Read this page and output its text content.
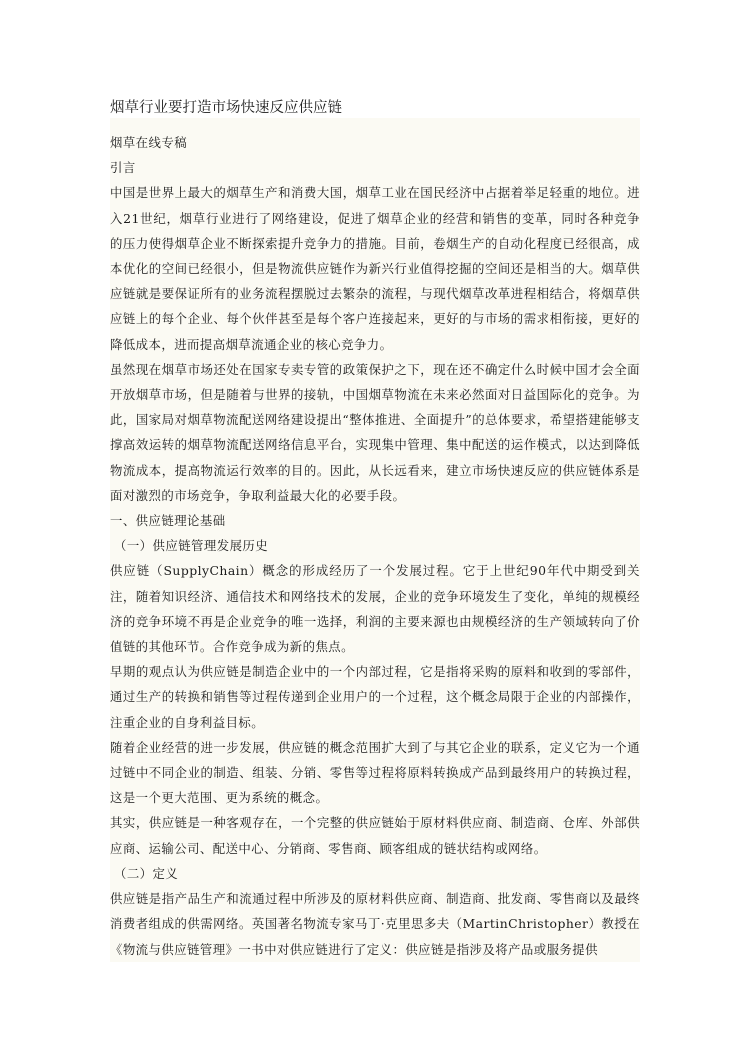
烟草行业要打造市场快速反应供应链

烟草在线专稿

引言

中国是世界上最大的烟草生产和消费大国，烟草工业在国民经济中占据着举足轻重的地位。进入21世纪，烟草行业进行了网络建设，促进了烟草企业的经营和销售的变革，同时各种竞争的压力使得烟草企业不断探索提升竞争力的措施。目前，卷烟生产的自动化程度已经很高，成本优化的空间已经很小，但是物流供应链作为新兴行业值得挖掘的空间还是相当的大。烟草供应链就是要保证所有的业务流程摆脱过去繁杂的流程，与现代烟草改革进程相结合，将烟草供应链上的每个企业、每个伙伴甚至是每个客户连接起来，更好的与市场的需求相衔接，更好的降低成本，进而提高烟草流通企业的核心竞争力。

虽然现在烟草市场还处在国家专卖专管的政策保护之下，现在还不确定什么时候中国才会全面开放烟草市场，但是随着与世界的接轨，中国烟草物流在未来必然面对日益国际化的竞争。为此，国家局对烟草物流配送网络建设提出“整体推进、全面提升”的总体要求，希望搭建能够支撑高效运转的烟草物流配送网络信息平台，实现集中管理、集中配送的运作模式，以达到降低物流成本，提高物流运行效率的目的。因此，从长远看来，建立市场快速反应的供应链体系是面对激烈的市场竞争，争取利益最大化的必要手段。

一、供应链理论基础

（一）供应链管理发展历史

供应链（SupplyChain）概念的形成经历了一个发展过程。它于上世纪90年代中期受到关注，随着知识经济、通信技术和网络技术的发展，企业的竞争环境发生了变化，单纯的规模经济的竞争环境不再是企业竞争的唯一选择，利润的主要来源也由规模经济的生产领域转向了价值链的其他环节。合作竞争成为新的焦点。

早期的观点认为供应链是制造企业中的一个内部过程，它是指将采购的原料和收到的零部件，通过生产的转换和销售等过程传递到企业用户的一个过程，这个概念局限于企业的内部操作，注重企业的自身利益目标。

随着企业经营的进一步发展，供应链的概念范围扩大到了与其它企业的联系，定义它为一个通过链中不同企业的制造、组装、分销、零售等过程将原料转换成产品到最终用户的转换过程，这是一个更大范围、更为系统的概念。

其实，供应链是一种客观存在，一个完整的供应链始于原材料供应商、制造商、仓库、外部供应商、运输公司、配送中心、分销商、零售商、顾客组成的链状结构或网络。

（二）定义

供应链是指产品生产和流通过程中所涉及的原材料供应商、制造商、批发商、零售商以及最终消费者组成的供需网络。英国著名物流专家马丁·克里思多夫（MartinChristopher）教授在《物流与供应链管理》一书中对供应链进行了定义：供应链是指涉及将产品或服务提供
